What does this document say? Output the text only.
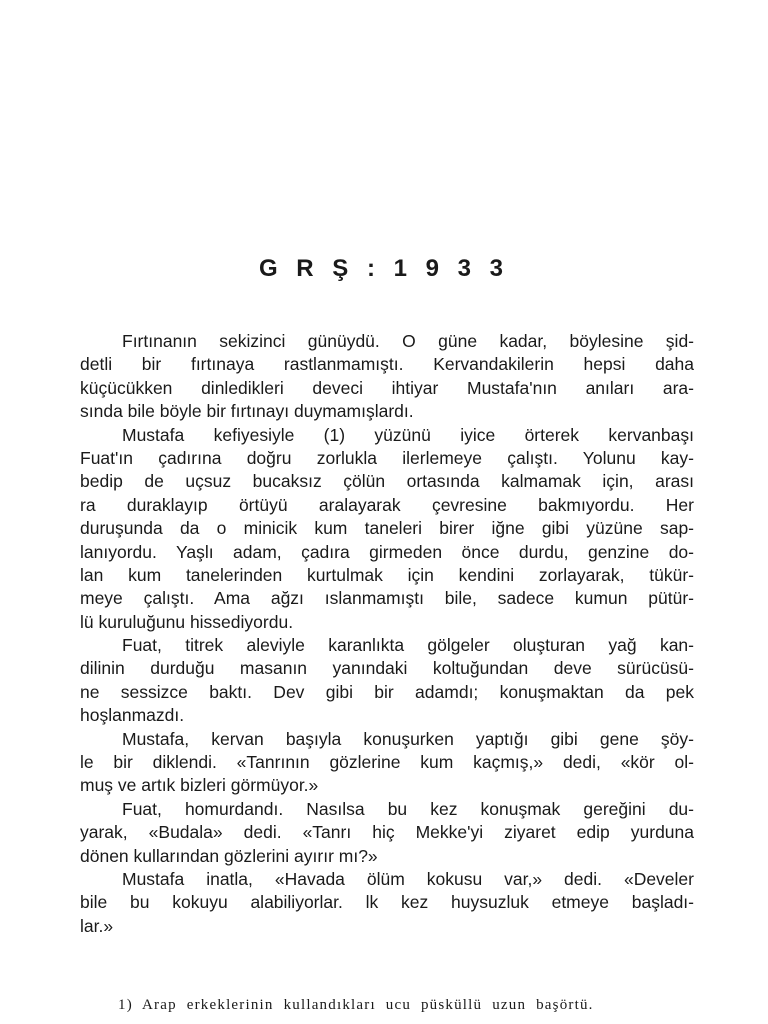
G R Ş : 1 9 3 3
Fırtınanın sekizinci günüydü. O güne kadar, böylesine şid-
detli bir fırtınaya rastlanmamıştı. Kervandakilerin hepsi daha
küçücükken dinledikleri deveci ihtiyar Mustafa'nın anıları ara-
sında bile böyle bir fırtınayı duymamışlardı.
Mustafa kefiyesiyle (1) yüzünü iyice örterek kervanbaşı
Fuat'ın çadırına doğru zorlukla ilerlemeye çalıştı. Yolunu kay-
bedip de uçsuz bucaksız çölün ortasında kalmamak için, arası
ra duraklayıp örtüyü aralayarak çevresine bakmıyordu. Her
duruşunda da o minicik kum taneleri birer iğne gibi yüzüne sap-
lanıyordu. Yaşlı adam, çadıra girmeden önce durdu, genzine do-
lan kum tanelerinden kurtulmak için kendini zorlayarak, tükür-
meye çalıştı. Ama ağzı ıslanmamıştı bile, sadece kumun pütür-
lü kuruluğunu hissediyordu.
Fuat, titrek aleviyle karanlıkta gölgeler oluşturan yağ kan-
dilinin durduğu masanın yanındaki koltuğundan deve sürücüsü-
ne sessizce baktı. Dev gibi bir adamdı; konuşmaktan da pek
hoşlanmazdı.
Mustafa, kervan başıyla konuşurken yaptığı gibi gene şöy-
le bir diklendi. «Tanrının gözlerine kum kaçmış,» dedi, «kör ol-
muş ve artık bizleri görmüyor.»
Fuat, homurdandı. Nasılsa bu kez konuşmak gereğini du-
yarak, «Budala» dedi. «Tanrı hiç Mekke'yi ziyaret edip yurduna
dönen kullarından gözlerini ayırır mı?»
Mustafa inatla, «Havada ölüm kokusu var,» dedi. «Develer
bile bu kokuyu alabiliyorlar. lk kez huysuzluk etmeye başladı-
lar.»
1) Arap erkeklerinin kullandıkları ucu püsküllü uzun başörtü.
